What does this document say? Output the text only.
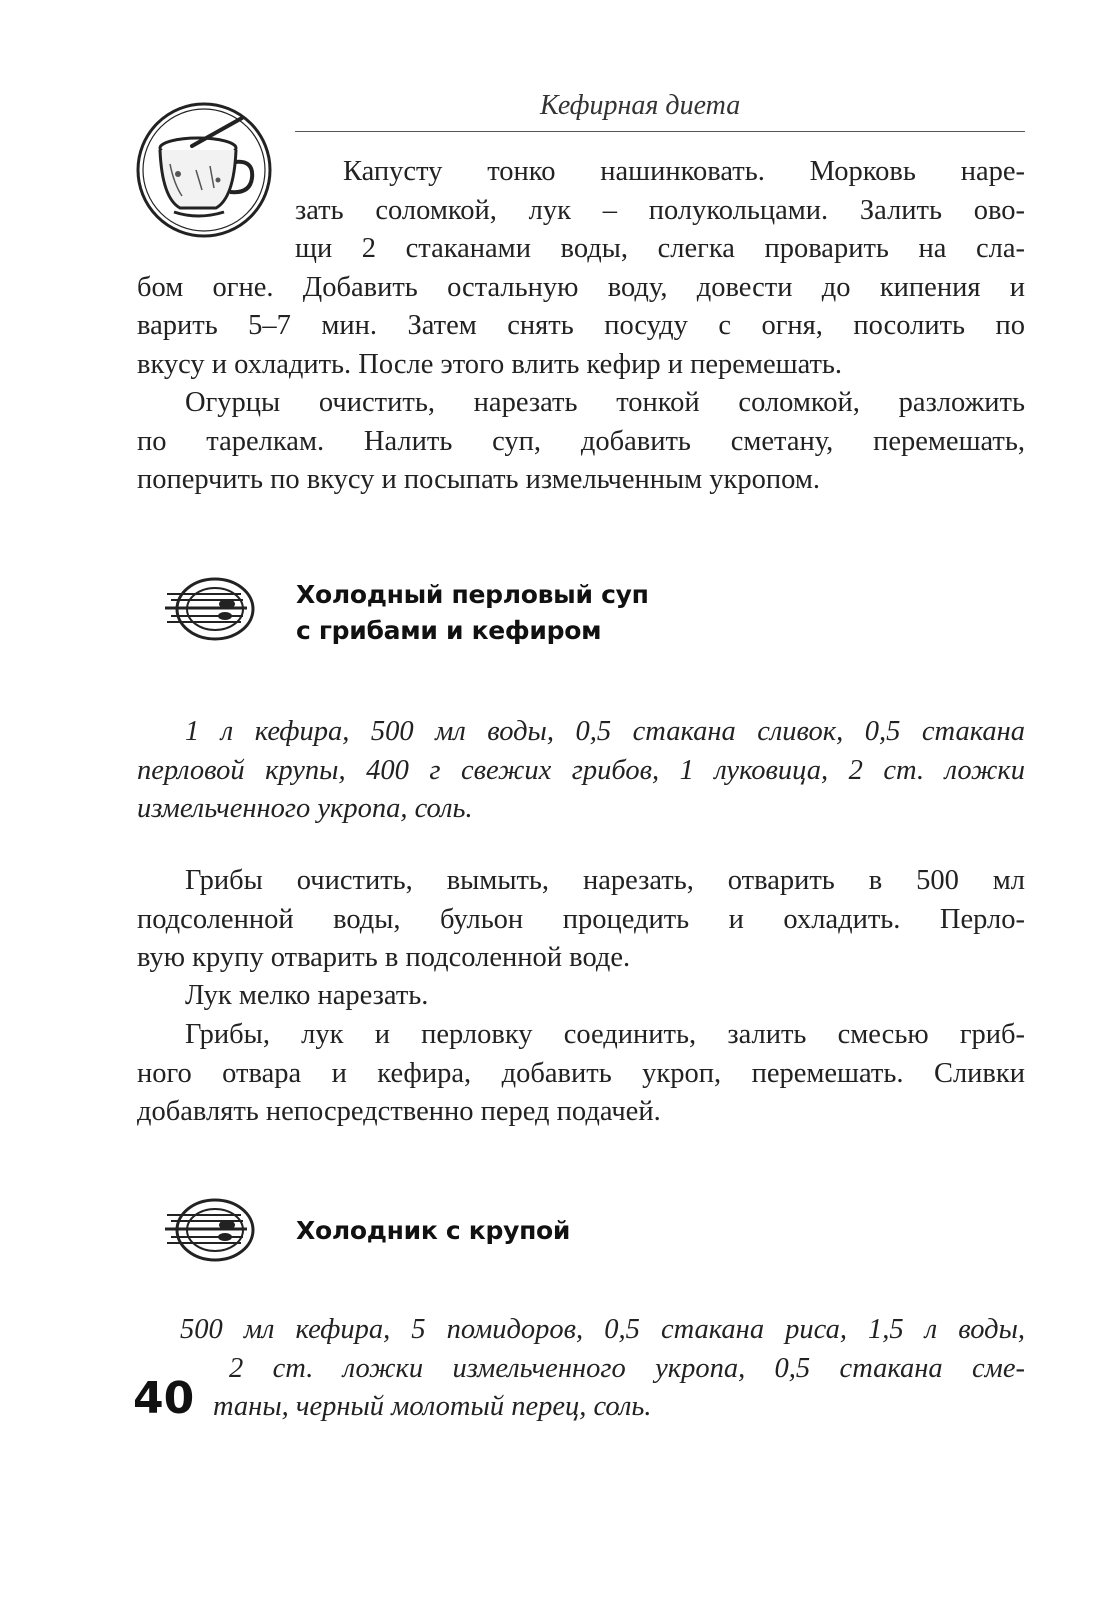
Кефирная диета
Капусту тонко нашинковать. Морковь наре-
зать соломкой, лук – полукольцами. Залить ово-
щи 2 стаканами воды, слегка проварить на сла-
бом огне. Добавить остальную воду, довести до кипения и
варить 5–7 мин. Затем снять посуду с огня, посолить по
вкусу и охладить. После этого влить кефир и перемешать.
Огурцы очистить, нарезать тонкой соломкой, разложить
по тарелкам. Налить суп, добавить сметану, перемешать,
поперчить по вкусу и посыпать измельченным укропом.
Холодный перловый суп
с грибами и кефиром
1 л кефира, 500 мл воды, 0,5 стакана сливок, 0,5 стакана
перловой крупы, 400 г свежих грибов, 1 луковица, 2 ст. ложки
измельченного укропа, соль.
Грибы очистить, вымыть, нарезать, отварить в 500 мл
подсоленной воды, бульон процедить и охладить. Перло-
вую крупу отварить в подсоленной воде.
Лук мелко нарезать.
Грибы, лук и перловку соединить, залить смесью гриб-
ного отвара и кефира, добавить укроп, перемешать. Сливки
добавлять непосредственно перед подачей.
Холодник с крупой
500 мл кефира, 5 помидоров, 0,5 стакана риса, 1,5 л воды,
2 ст. ложки измельченного укропа, 0,5 стакана сме-
таны, черный молотый перец, соль.
40
